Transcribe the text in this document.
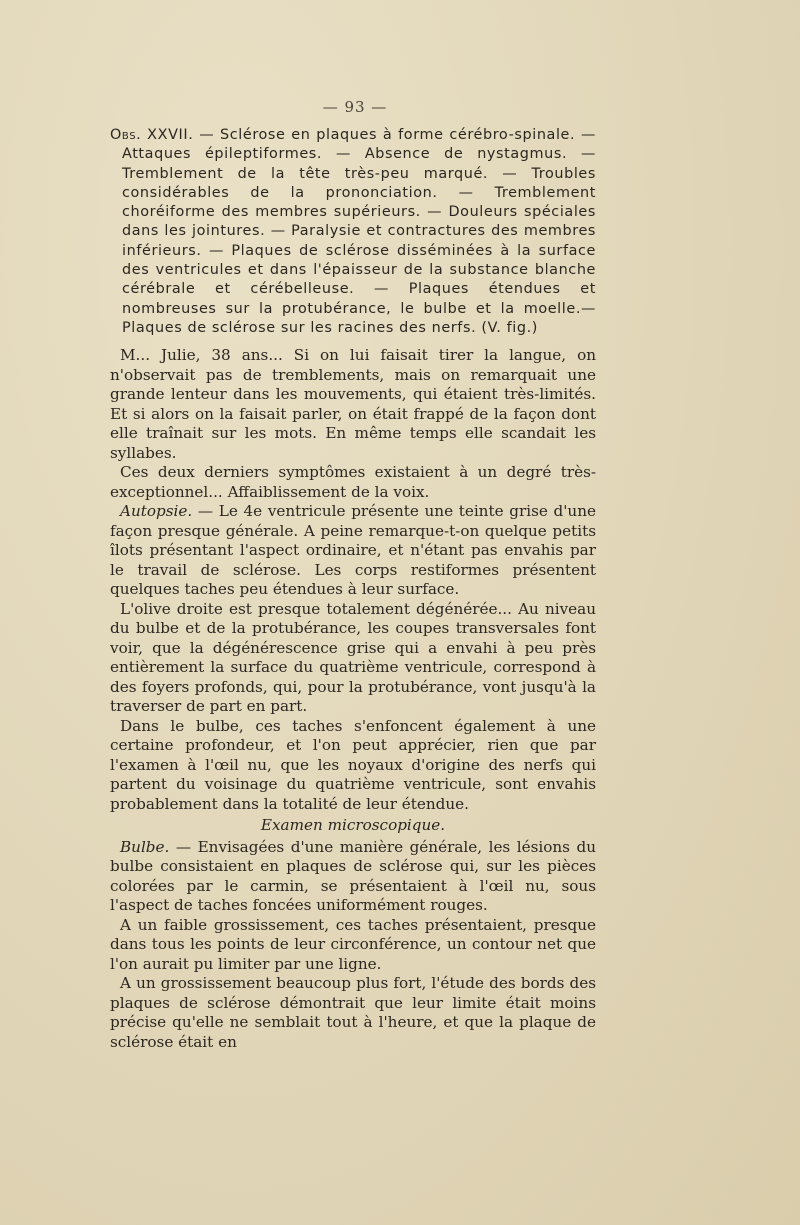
— 93 —

Obs. XXVII. — Sclérose en plaques à forme cérébro-spinale. — Attaques épileptiformes. — Absence de nystagmus. — Tremblement de la tête très-peu marqué. — Troubles considérables de la prononciation. — Tremblement choréiforme des membres supérieurs. — Douleurs spéciales dans les jointures. — Paralysie et contractures des membres inférieurs. — Plaques de sclérose disséminées à la surface des ventricules et dans l'épaisseur de la substance blanche cérébrale et cérébelleuse. — Plaques étendues et nombreuses sur la protubérance, le bulbe et la moelle.—Plaques de sclérose sur les racines des nerfs. (V. fig.)

M... Julie, 38 ans... Si on lui faisait tirer la langue, on n'observait pas de tremblements, mais on remarquait une grande lenteur dans les mouvements, qui étaient très-limités. Et si alors on la faisait parler, on était frappé de la façon dont elle traînait sur les mots. En même temps elle scandait les syllabes.

Ces deux derniers symptômes existaient à un degré très-exceptionnel... Affaiblissement de la voix.

Autopsie. — Le 4e ventricule présente une teinte grise d'une façon presque générale. A peine remarque-t-on quelque petits îlots présentant l'aspect ordinaire, et n'étant pas envahis par le travail de sclérose. Les corps restiformes présentent quelques taches peu étendues à leur surface.

L'olive droite est presque totalement dégénérée... Au niveau du bulbe et de la protubérance, les coupes transversales font voir, que la dégénérescence grise qui a envahi à peu près entièrement la surface du quatrième ventricule, correspond à des foyers profonds, qui, pour la protubérance, vont jusqu'à la traverser de part en part.

Dans le bulbe, ces taches s'enfoncent également à une certaine profondeur, et l'on peut apprécier, rien que par l'examen à l'œil nu, que les noyaux d'origine des nerfs qui partent du voisinage du quatrième ventricule, sont envahis probablement dans la totalité de leur étendue.

Examen microscopique.

Bulbe. — Envisagées d'une manière générale, les lésions du bulbe consistaient en plaques de sclérose qui, sur les pièces colorées par le carmin, se présentaient à l'œil nu, sous l'aspect de taches foncées uniformément rouges.

A un faible grossissement, ces taches présentaient, presque dans tous les points de leur circonférence, un contour net que l'on aurait pu limiter par une ligne.

A un grossissement beaucoup plus fort, l'étude des bords des plaques de sclérose démontrait que leur limite était moins précise qu'elle ne semblait tout à l'heure, et que la plaque de sclérose était en
